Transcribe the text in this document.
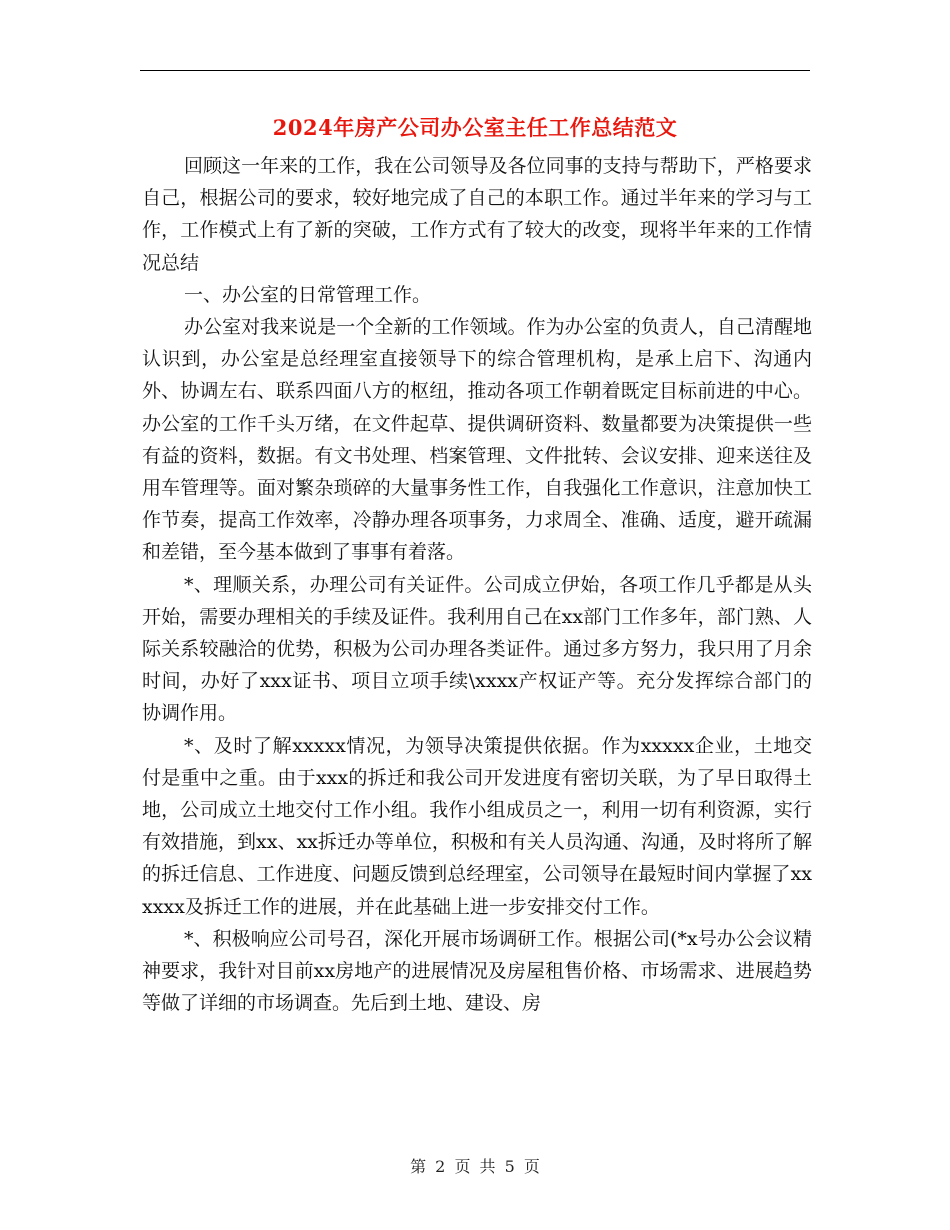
2024年房产公司办公室主任工作总结范文

回顾这一年来的工作，我在公司领导及各位同事的支持与帮助下，严格要求自己，根据公司的要求，较好地完成了自己的本职工作。通过半年来的学习与工作，工作模式上有了新的突破，工作方式有了较大的改变，现将半年来的工作情况总结

一、办公室的日常管理工作。

办公室对我来说是一个全新的工作领域。作为办公室的负责人，自己清醒地认识到，办公室是总经理室直接领导下的综合管理机构，是承上启下、沟通内外、协调左右、联系四面八方的枢纽，推动各项工作朝着既定目标前进的中心。办公室的工作千头万绪，在文件起草、提供调研资料、数量都要为决策提供一些有益的资料，数据。有文书处理、档案管理、文件批转、会议安排、迎来送往及用车管理等。面对繁杂琐碎的大量事务性工作，自我强化工作意识，注意加快工作节奏，提高工作效率，冷静办理各项事务，力求周全、准确、适度，避开疏漏和差错，至今基本做到了事事有着落。

*、理顺关系，办理公司有关证件。公司成立伊始，各项工作几乎都是从头开始，需要办理相关的手续及证件。我利用自己在xx部门工作多年，部门熟、人际关系较融洽的优势，积极为公司办理各类证件。通过多方努力，我只用了月余时间，办好了xxx证书、项目立项手续\xxxx产权证产等。充分发挥综合部门的协调作用。

*、及时了解xxxxx情况，为领导决策提供依据。作为xxxxx企业，土地交付是重中之重。由于xxx的拆迁和我公司开发进度有密切关联，为了早日取得土地，公司成立土地交付工作小组。我作小组成员之一，利用一切有利资源，实行有效措施，到xx、xx拆迁办等单位，积极和有关人员沟通、沟通，及时将所了解的拆迁信息、工作进度、问题反馈到总经理室，公司领导在最短时间内掌握了xxxxxx及拆迁工作的进展，并在此基础上进一步安排交付工作。

*、积极响应公司号召，深化开展市场调研工作。根据公司(*x号办公会议精神要求，我针对目前xx房地产的进展情况及房屋租售价格、市场需求、进展趋势等做了详细的市场调查。先后到土地、建设、房

第 2 页 共 5 页
